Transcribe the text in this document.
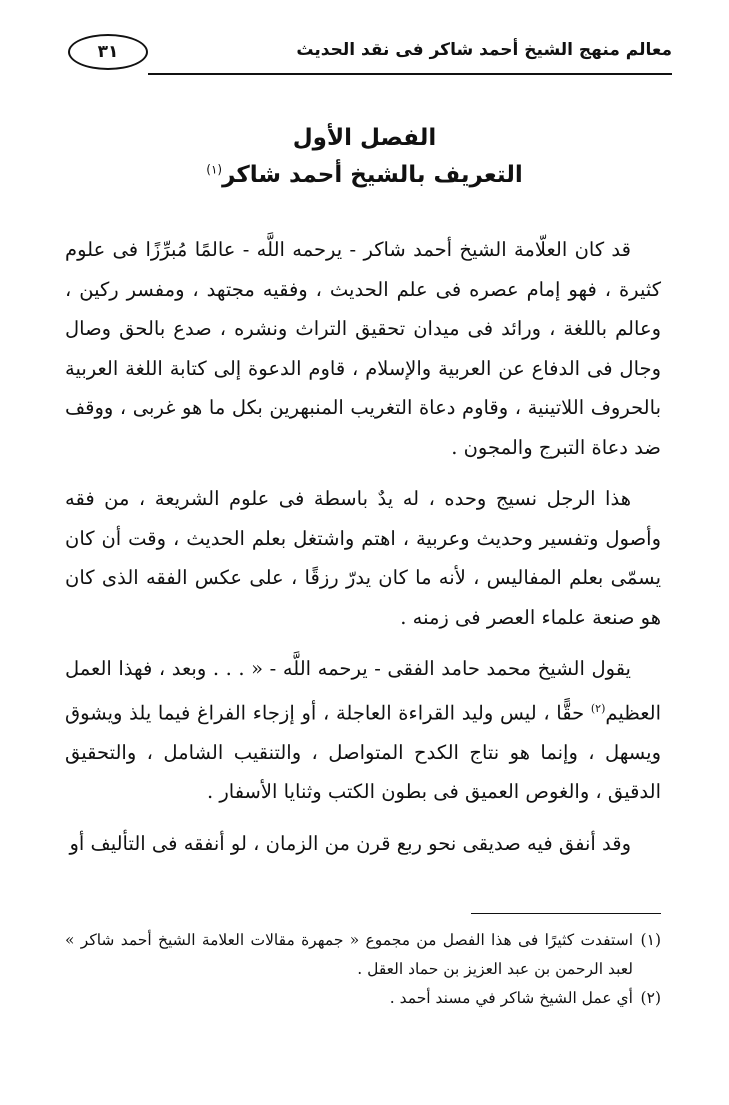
معالم منهج الشيخ أحمد شاكر فى نقد الحديث
٣١
الفصل الأول
التعريف بالشيخ أحمد شاكر$^{(١)}$

قد كان العلّامة الشيخ أحمد شاكر - يرحمه اللَّه - عالمًا مُبرِّزًا فى علوم كثيرة ، فهو إمام عصره فى علم الحديث ، وفقيه مجتهد ، ومفسر ركين ، وعالم باللغة ، ورائد فى ميدان تحقيق التراث ونشره ، صدع بالحق وصال وجال فى الدفاع عن العربية والإسلام ، قاوم الدعوة إلى كتابة اللغة العربية بالحروف اللاتينية ، وقاوم دعاة التغريب المنبهرين بكل ما هو غربى ، ووقف ضد دعاة التبرج والمجون .

هذا الرجل نسيج وحده ، له يدٌ باسطة فى علوم الشريعة ، من فقه وأصول وتفسير وحديث وعربية ، اهتم واشتغل بعلم الحديث ، وقت أن كان يسمّى بعلم المفاليس ، لأنه ما كان يدرّ رزقًا ، على عكس الفقه الذى كان هو صنعة علماء العصر فى زمنه .

يقول الشيخ محمد حامد الفقى - يرحمه اللَّه - « . . . وبعد ، فهذا العمل العظيم$^{(٢)}$ حقًّا ، ليس وليد القراءة العاجلة ، أو إزجاء الفراغ فيما يلذ ويشوق ويسهل ، وإنما هو نتاج الكدح المتواصل ، والتنقيب الشامل ، والتحقيق الدقيق ، والغوص العميق فى بطون الكتب وثنايا الأسفار .

وقد أنفق فيه صديقى نحو ربع قرن من الزمان ، لو أنفقه فى التأليف أو

(١)
استفدت كثيرًا فى هذا الفصل من مجموع « جمهرة مقالات العلامة الشيخ أحمد شاكر » لعبد الرحمن بن عبد العزيز بن حماد العقل .

(٢)
أي عمل الشيخ شاكر في مسند أحمد .
